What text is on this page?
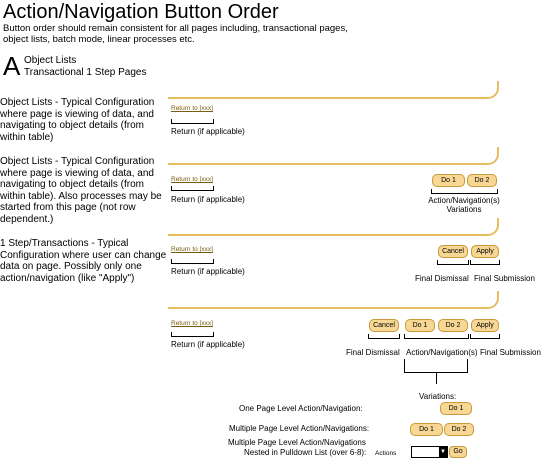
Action/Navigation Button Order
Button order should remain consistent for all pages including, transactional pages, object lists, batch mode, linear processes etc.
A Object Lists
Transactional 1 Step Pages
Object Lists - Typical Configuration where page is viewing of data, and navigating to object details (from within table)
Return to [xxx]
Return (if applicable)
Object Lists - Typical Configuration where page is viewing of data, and navigating to object details (from within table). Also processes may be started from this page (not row dependent.)
Return to [xxx]
Return (if applicable)
Do 1	Do 2
Action/Navigation(s) Variations
1 Step/Transactions - Typical Configuration where user can change data on page. Possibly only one action/navigation (like "Apply")
Return to [xxx]
Return (if applicable)
Cancel	Apply
Final Dismissal Final Submission
Return to [xxx]
Return (if applicable)
Cancel	Do 1	Do 2	Apply
Final Dismissal Action/Navigation(s) Final Submission
Variations:
One Page Level Action/Navigation:	Do 1
Multiple Page Level Action/Navigations:	Do 1	Do 2
Multiple Page Level Action/Navigations
Nested in Pulldown List (over 6-8): Actions	▼	Go
